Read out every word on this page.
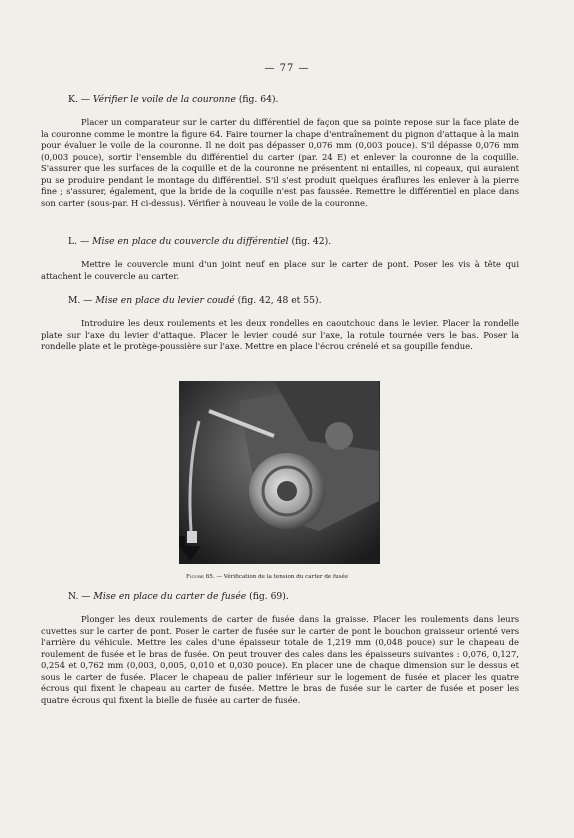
— 77 —
K. — Vérifier le voile de la couronne (fig. 64).
Placer un comparateur sur le carter du différentiel de façon que sa pointe repose sur la face plate de la couronne comme le montre la figure 64. Faire tourner la chape d'entraînement du pignon d'attaque à la main pour évaluer le voile de la couronne. Il ne doit pas dépasser 0,076 mm (0,003 pouce). S'il dépasse 0,076 mm (0,003 pouce), sortir l'ensemble du différentiel du carter (par. 24 E) et enlever la couronne de la coquille. S'assurer que les surfaces de la coquille et de la couronne ne présentent ni entailles, ni copeaux, qui auraient pu se produire pendant le montage du différentiel. S'il s'est produit quelques éraflures les enlever à la pierre fine ; s'assurer, également, que la bride de la coquille n'est pas faussée. Remettre le différentiel en place dans son carter (sous-par. H ci-dessus). Vérifier à nouveau le voile de la couronne.
L. — Mise en place du couvercle du différentiel (fig. 42).
Mettre le couvercle muni d'un joint neuf en place sur le carter de pont. Poser les vis à tête qui attachent le couvercle au carter.
M. — Mise en place du levier coudé (fig. 42, 48 et 55).
Introduire les deux roulements et les deux rondelles en caoutchouc dans le levier. Placer la rondelle plate sur l'axe du levier d'attaque. Placer le levier coudé sur l'axe, la rotule tournée vers le bas. Poser la rondelle plate et le protège-poussière sur l'axe. Mettre en place l'écrou crénelé et sa goupille fendue.
Figure 65. — Vérification de la tension du carter de fusée
N. — Mise en place du carter de fusée (fig. 69).
Plonger les deux roulements de carter de fusée dans la graisse. Placer les roulements dans leurs cuvettes sur le carter de pont. Poser le carter de fusée sur le carter de pont le bouchon graisseur orienté vers l'arrière du véhicule. Mettre les cales d'une épaisseur totale de 1,219 mm (0,048 pouce) sur le chapeau de roulement de fusée et le bras de fusée. On peut trouver des cales dans les épaisseurs suivantes : 0,076, 0,127, 0,254 et 0,762 mm (0,003, 0,005, 0,010 et 0,030 pouce). En placer une de chaque dimension sur le dessus et sous le carter de fusée. Placer le chapeau de palier inférieur sur le logement de fusée et placer les quatre écrous qui fixent le chapeau au carter de fusée. Mettre le bras de fusée sur le carter de fusée et poser les quatre écrous qui fixent la bielle de fusée au carter de fusée.
